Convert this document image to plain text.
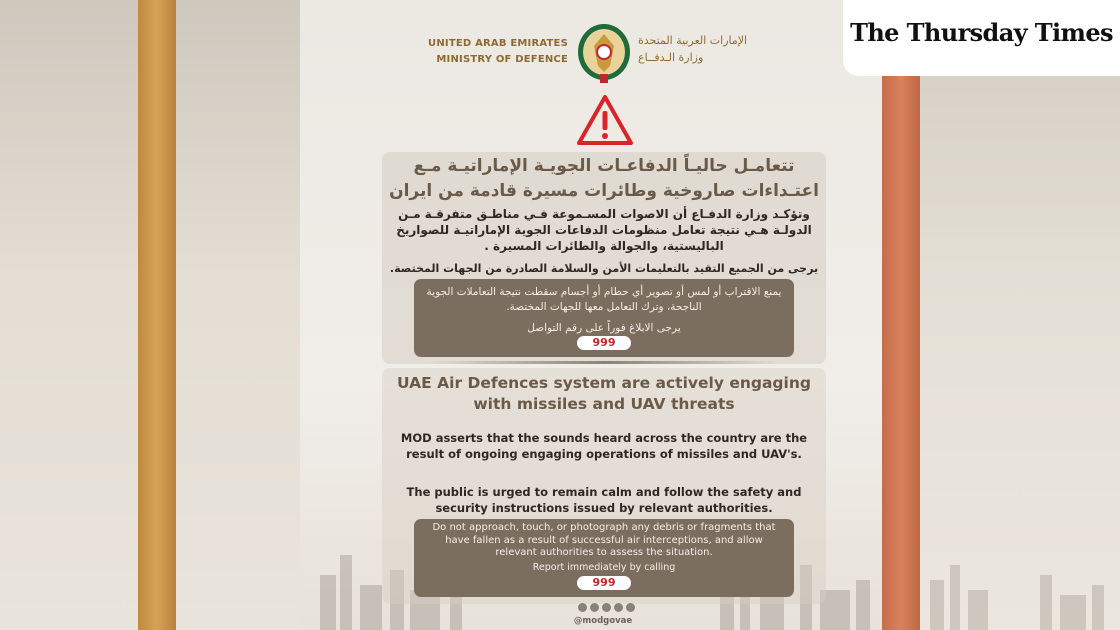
UNITED ARAB EMIRATES
MINISTRY OF DEFENCE
الإمارات العربية المتحدة
وزارة الـدفــاع
تتعامـل حاليـاً الدفاعـات الجويـة الإماراتيـة مـع اعتـداءات صاروخية وطائرات مسيرة قادمة من ايران
وتؤكـد وزارة الدفـاع أن الاصوات المسـموعة فـي مناطـق متفرقـة مـن الدولـة هـي نتيجة تعامل منظومات الدفاعات الجوية الإماراتيـة للصواريخ الباليستية، والجوالة والطائرات المسيرة .
يرجى من الجميع التقيد بالتعليمات الأمن والسلامة الصادرة من الجهات المختصة.
يمنع الاقتراب أو لمس أو تصوير أي حطام أو أجسام سقطت نتيجة التعاملات الجوية الناجحة، وترك التعامل معها للجهات المختصة.
يرجى الابلاغ فوراً على رقم التواصل
999
UAE Air Defences system are actively engaging with missiles and UAV threats
MOD asserts that the sounds heard across the country are the result of ongoing engaging operations of missiles and UAV's.
The public is urged to remain calm and follow the safety and security instructions issued by relevant authorities.
Do not approach, touch, or photograph any debris or fragments that have fallen as a result of successful air interceptions, and allow relevant authorities to assess the situation.
Report immediately by calling
999
@modgovae
The Thursday Times
